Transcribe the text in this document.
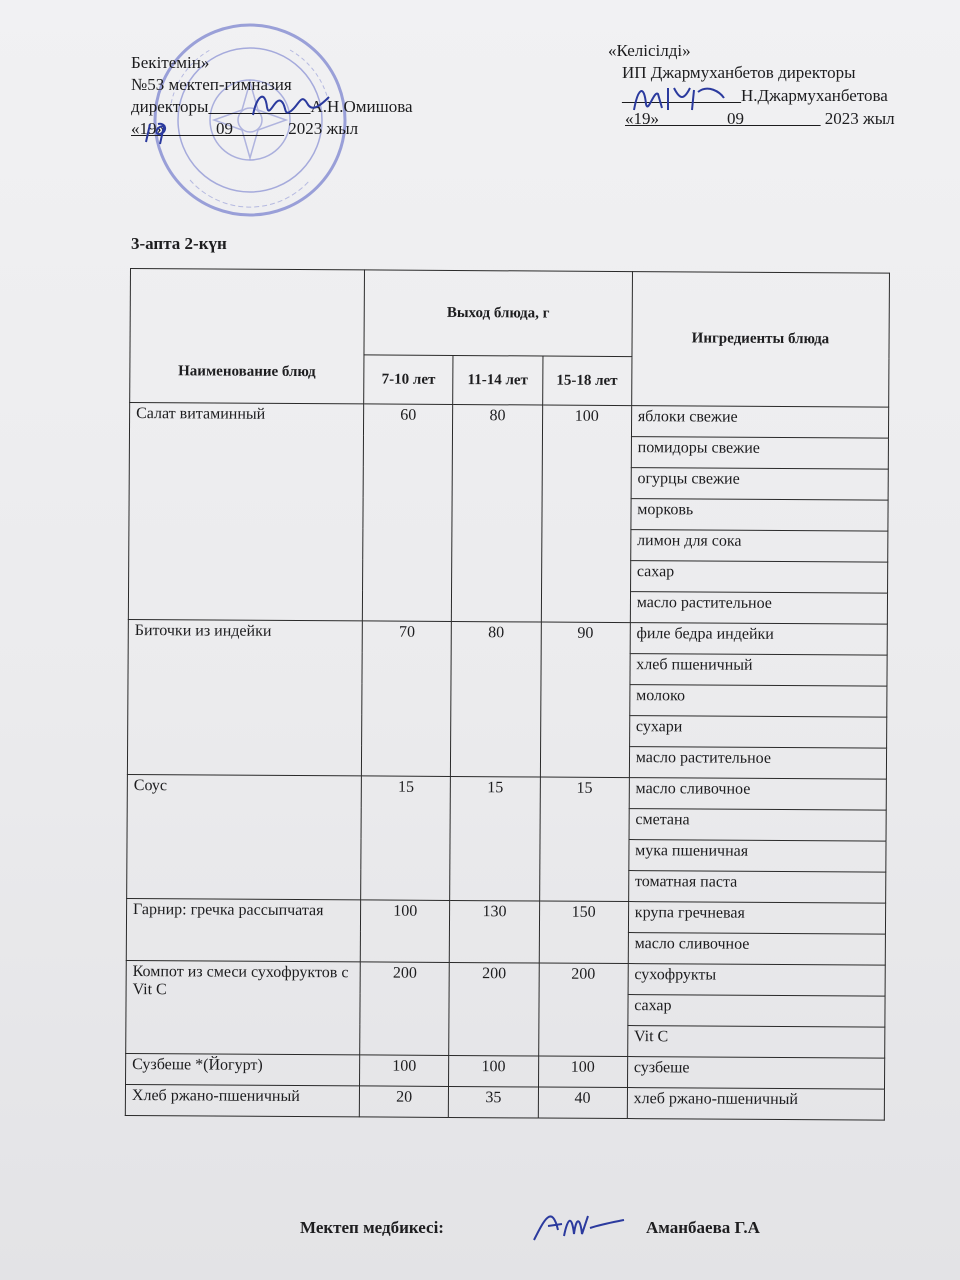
Бекітемін»
№53 мектеп-гимназия
директоры____________А.Н.Омишова
«19»______09______ 2023 жыл
«Келісілді»
ИП Джармуханбетов директоры
______________Н.Джармуханбетова
«19»________09_________ 2023 жыл
3-апта 2-күн
Наименование блюд	Выход блюда, г			Ингредиенты блюда
	7-10 лет	11-14 лет	15-18 лет	
Салат витаминный	60	80	100	яблоки свежие
				помидоры свежие
				огурцы свежие
				морковь
				лимон для сока
				сахар
				масло растительное
Биточки из индейки	70	80	90	филе бедра индейки
				хлеб пшеничный
				молоко
				сухари
				масло растительное
Соус	15	15	15	масло сливочное
				сметана
				мука пшеничная
				томатная паста
Гарнир: гречка рассыпчатая	100	130	150	крупа гречневая
				масло сливочное
Компот из смеси сухофруктов с Vit C	200	200	200	сухофрукты
				сахар
				Vit C
Сузбеше *(Йогурт)	100	100	100	сузбеше
Хлеб ржано-пшеничный	20	35	40	хлеб ржано-пшеничный
Мектеп медбикесі:	Аманбаева Г.А
